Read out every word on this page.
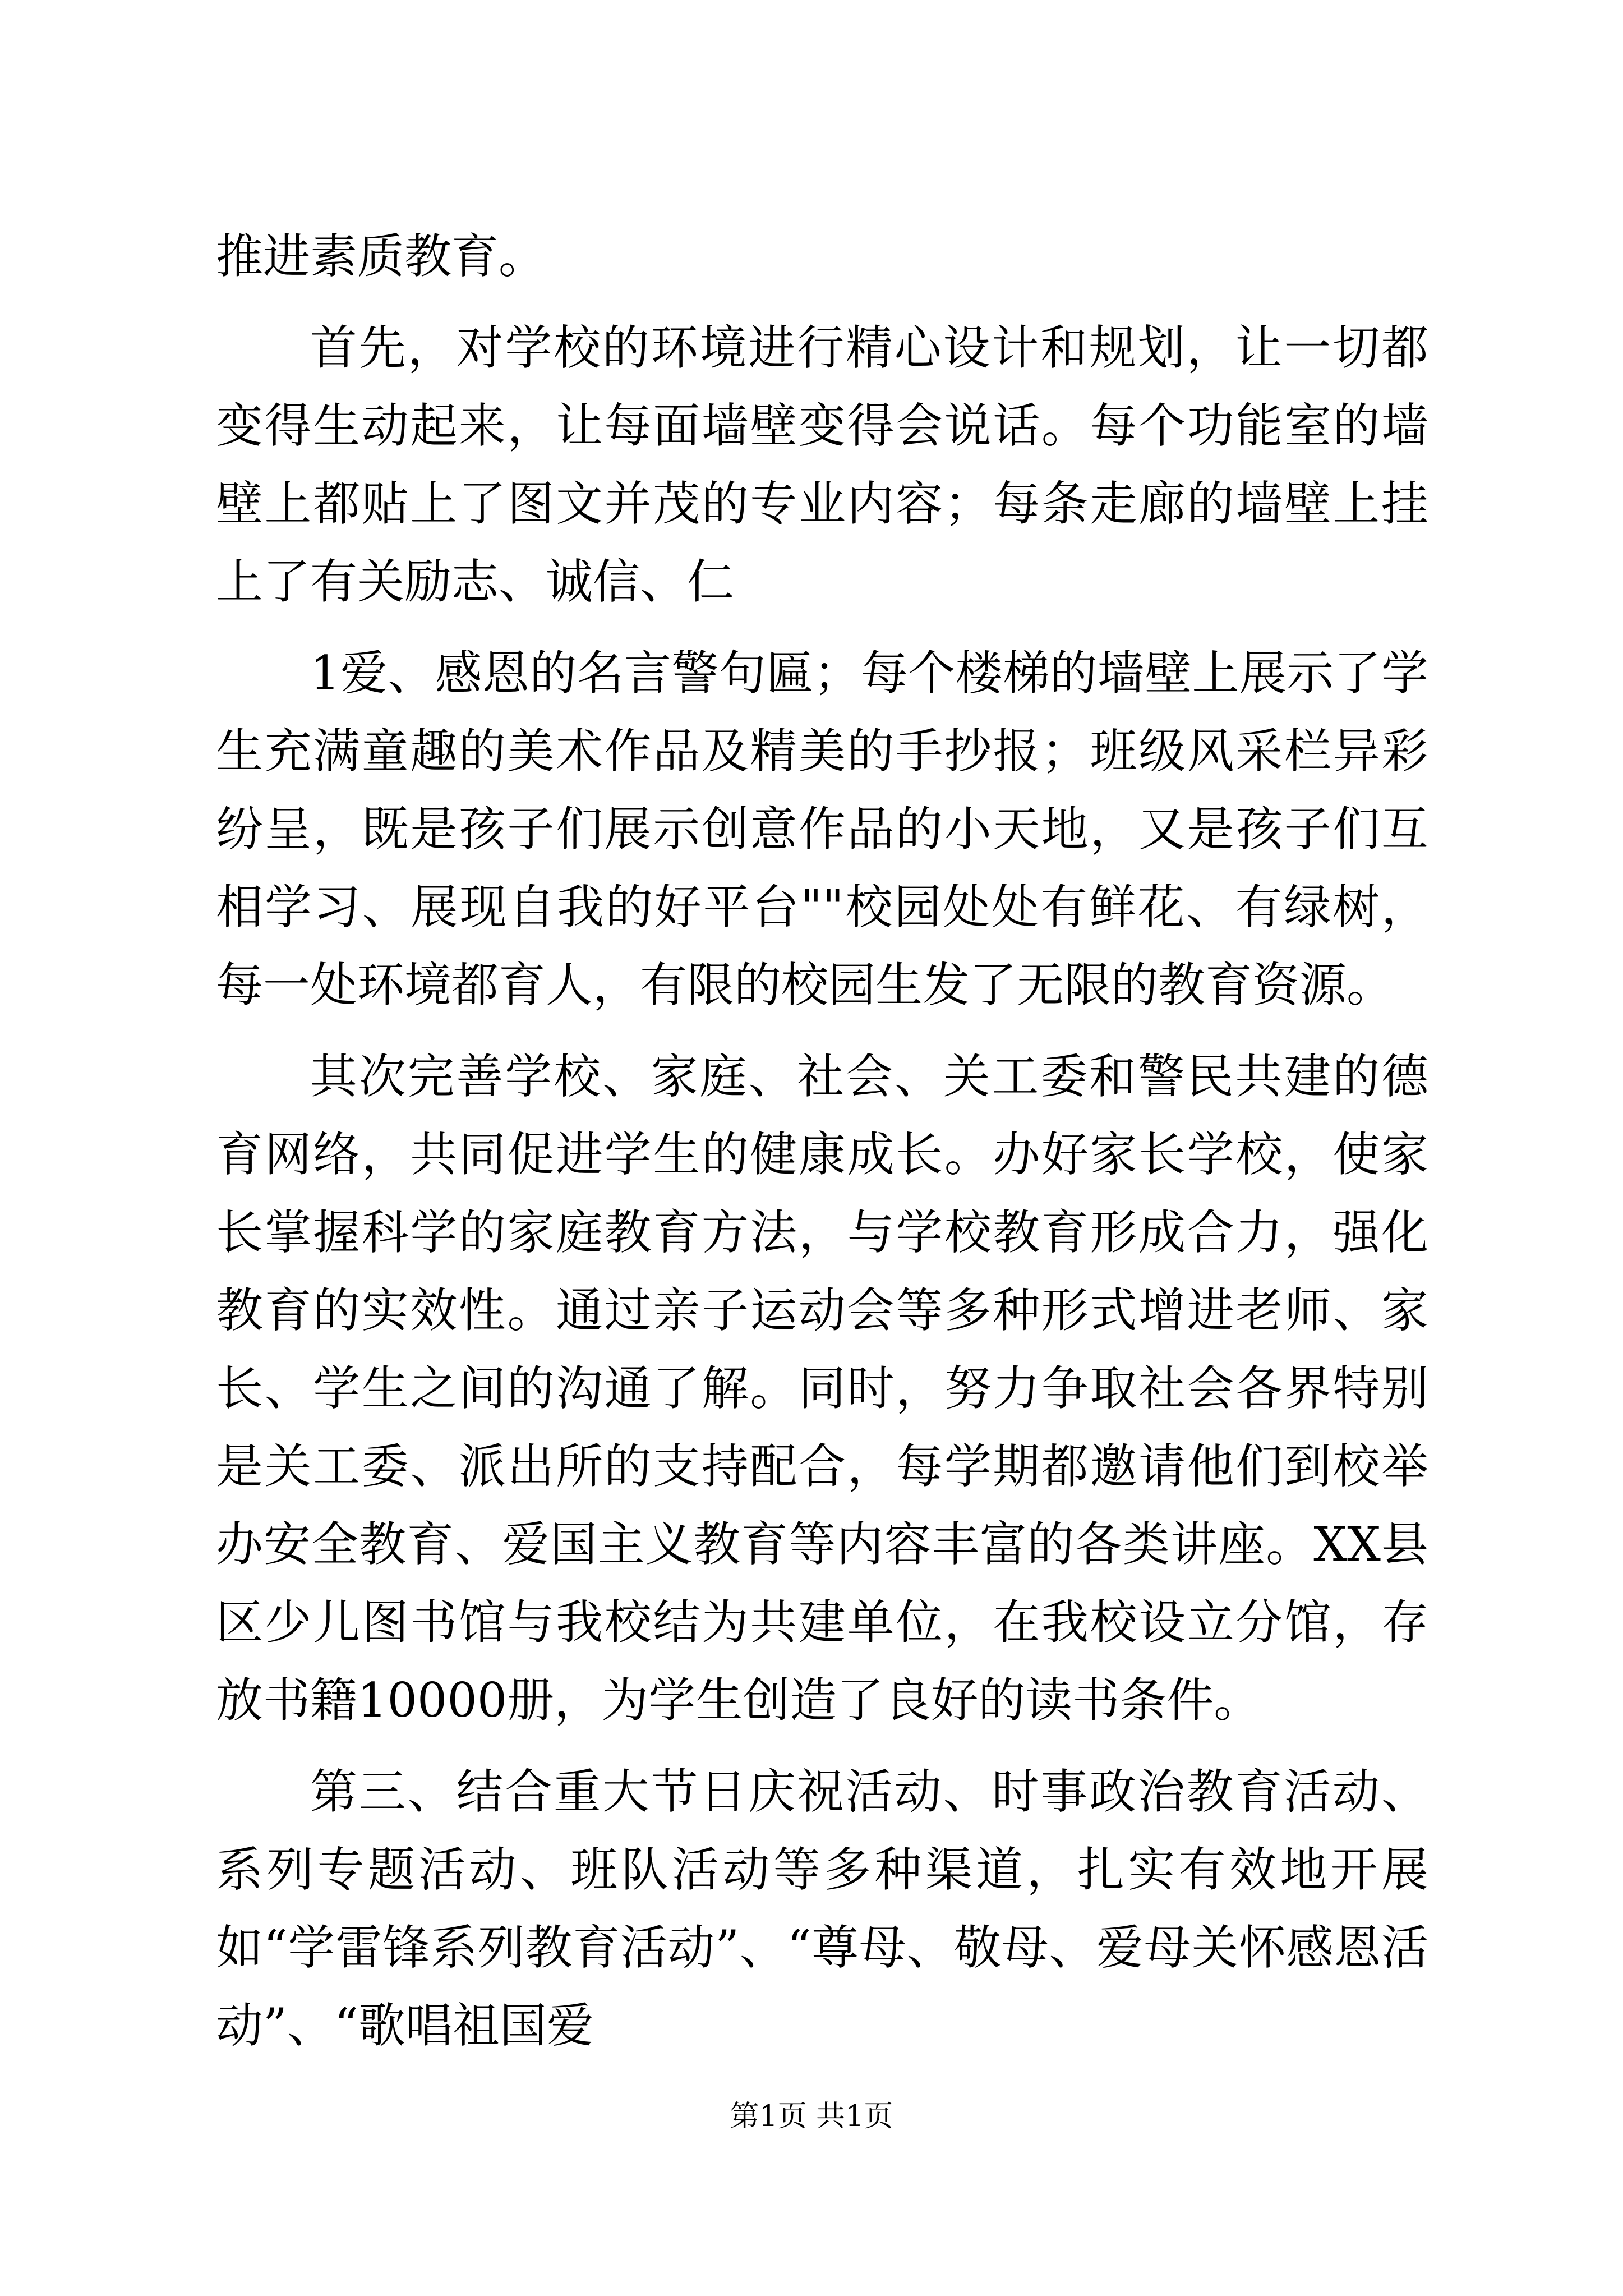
推进素质教育。

首先，对学校的环境进行精心设计和规划，让一切都变得生动起来，让每面墙壁变得会说话。每个功能室的墙壁上都贴上了图文并茂的专业内容；每条走廊的墙壁上挂上了有关励志、诚信、仁

1爱、感恩的名言警句匾；每个楼梯的墙壁上展示了学生充满童趣的美术作品及精美的手抄报；班级风采栏异彩纷呈，既是孩子们展示创意作品的小天地，又是孩子们互相学习、展现自我的好平台""校园处处有鲜花、有绿树，每一处环境都育人，有限的校园生发了无限的教育资源。

其次完善学校、家庭、社会、关工委和警民共建的德育网络，共同促进学生的健康成长。办好家长学校，使家长掌握科学的家庭教育方法，与学校教育形成合力，强化教育的实效性。通过亲子运动会等多种形式增进老师、家长、学生之间的沟通了解。同时，努力争取社会各界特别是关工委、派出所的支持配合，每学期都邀请他们到校举办安全教育、爱国主义教育等内容丰富的各类讲座。XX县区少儿图书馆与我校结为共建单位，在我校设立分馆，存放书籍10000册，为学生创造了良好的读书条件。

第三、结合重大节日庆祝活动、时事政治教育活动、系列专题活动、班队活动等多种渠道，扎实有效地开展如“学雷锋系列教育活动”、“尊母、敬母、爱母关怀感恩活动”、“歌唱祖国爱

第1页 共1页
